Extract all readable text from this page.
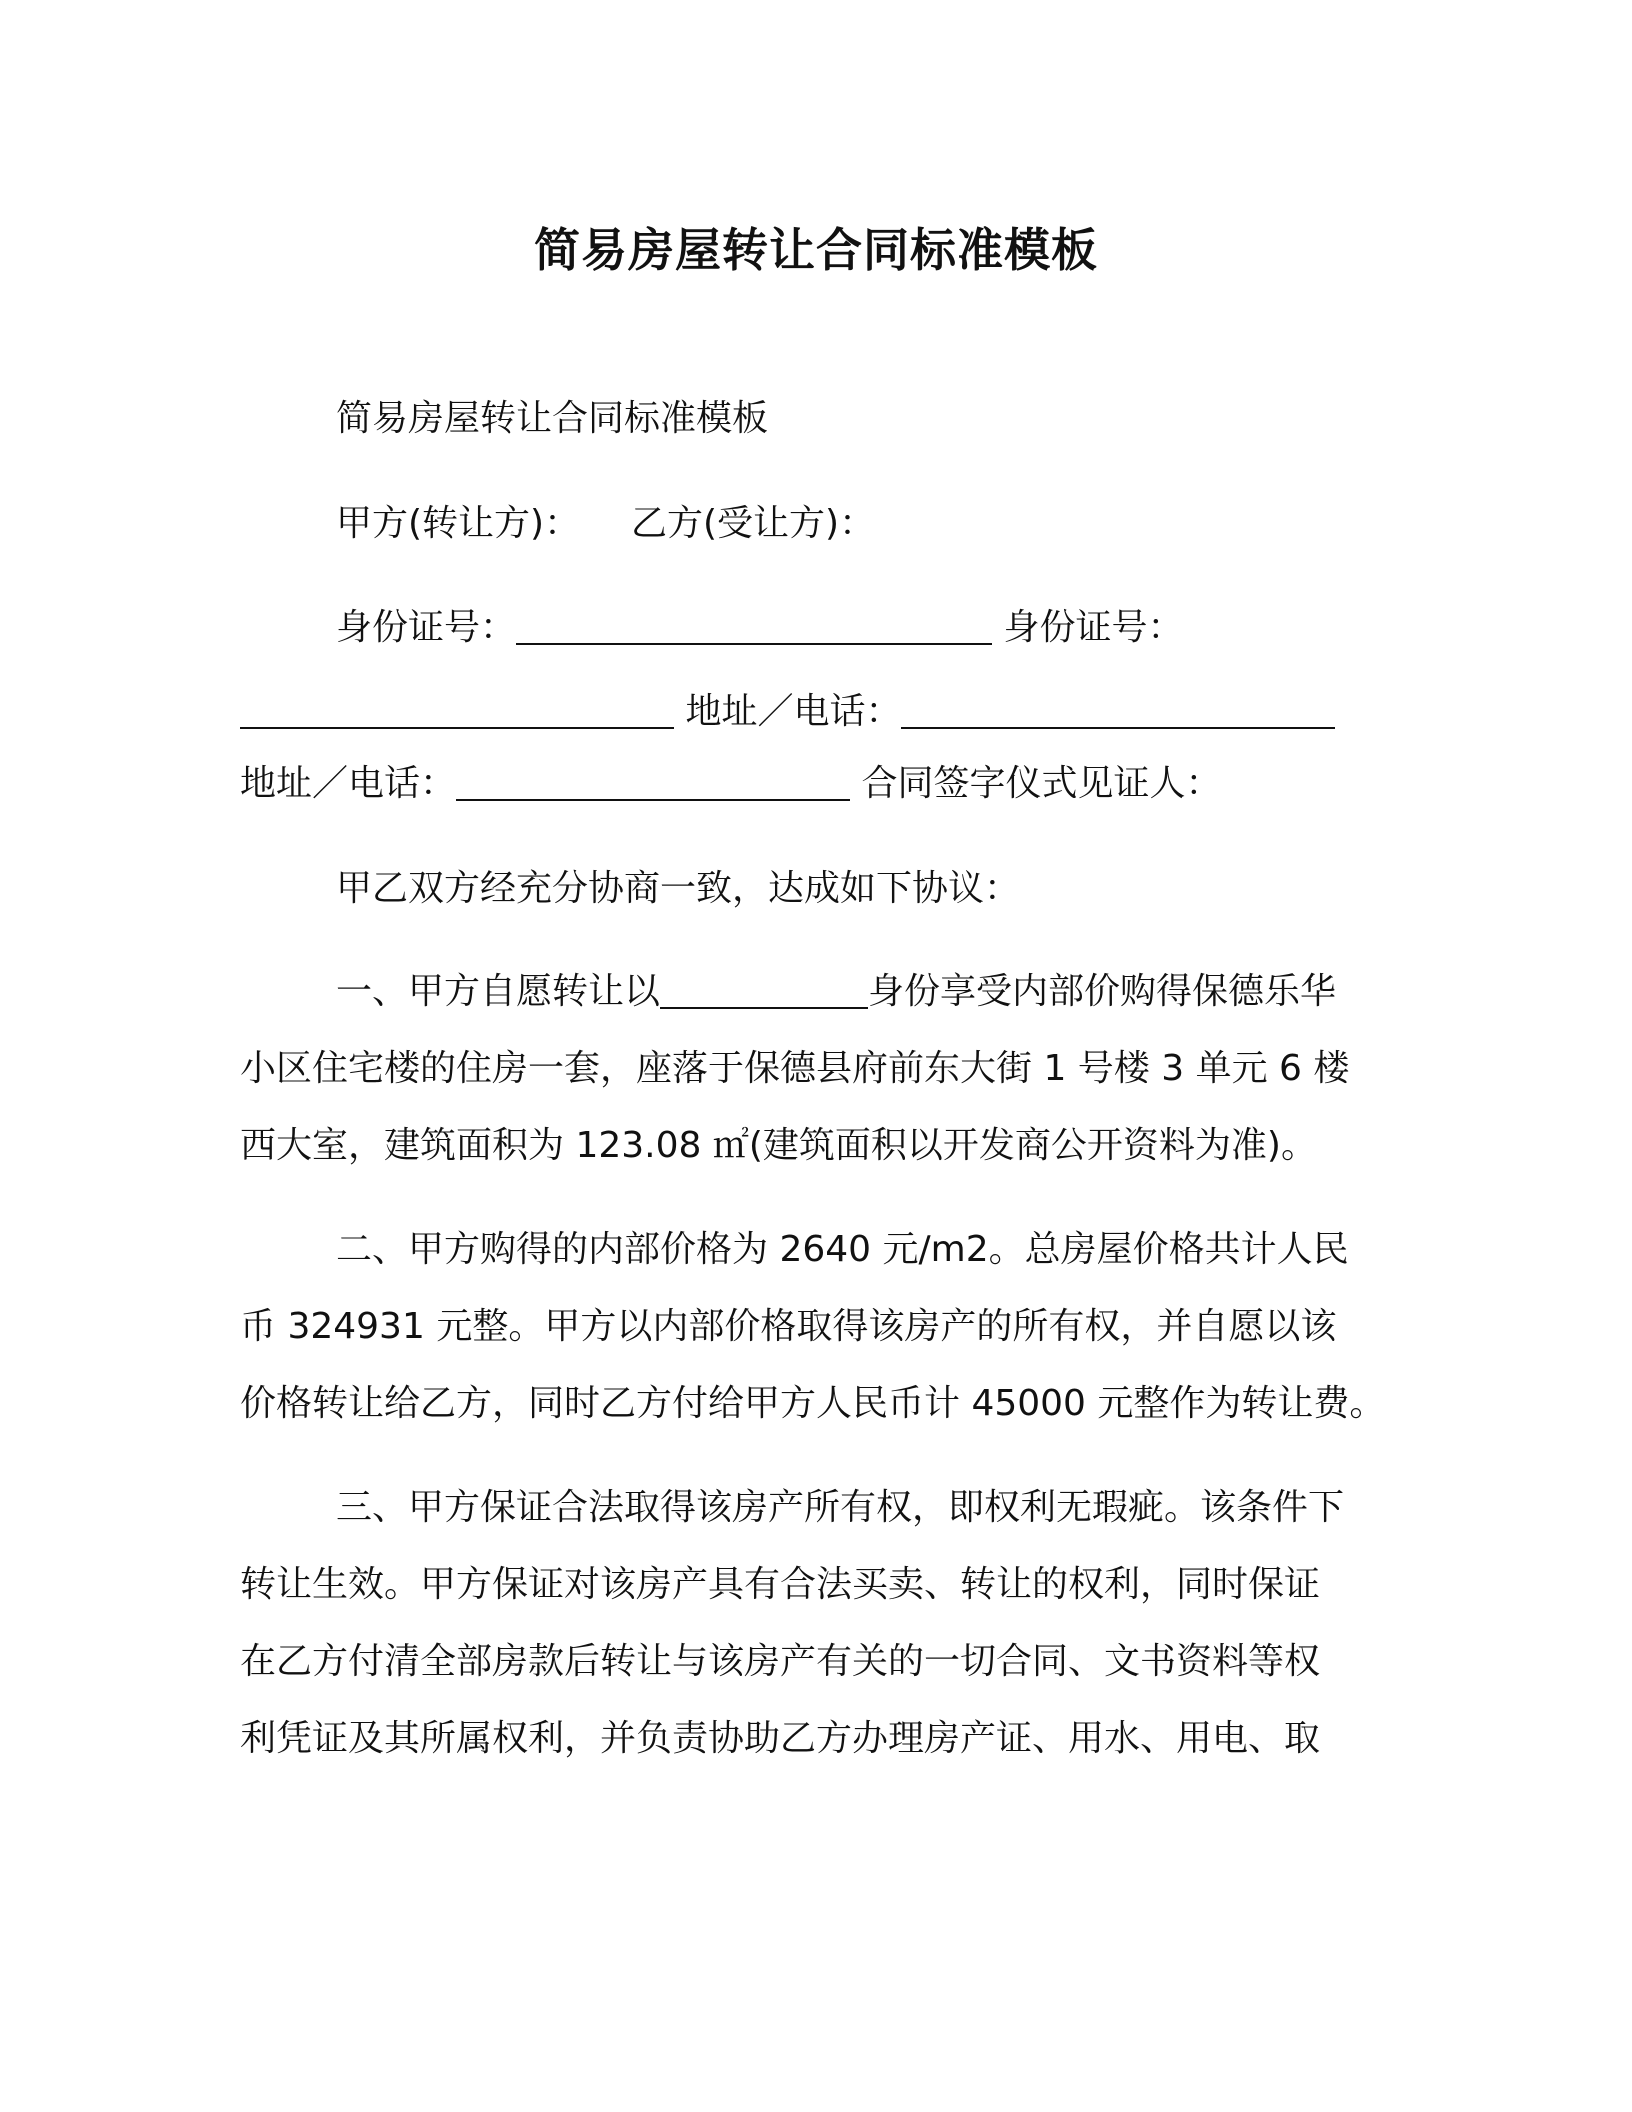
简易房屋转让合同标准模板
简易房屋转让合同标准模板
甲方(转让方)： 乙方(受让方)：
身份证号：	身份证号：
地址／电话：
地址／电话：	合同签字仪式见证人：
甲乙双方经充分协商一致，达成如下协议：
一、甲方自愿转让以	身份享受内部价购得保德乐华
小区住宅楼的住房一套，座落于保德县府前东大街 1 号楼 3 单元 6 楼
西大室，建筑面积为 123.08 ㎡(建筑面积以开发商公开资料为准)。
二、甲方购得的内部价格为 2640 元/m2。总房屋价格共计人民
币 324931 元整。甲方以内部价格取得该房产的所有权，并自愿以该
价格转让给乙方，同时乙方付给甲方人民币计 45000 元整作为转让费。
三、甲方保证合法取得该房产所有权，即权利无瑕疵。该条件下
转让生效。甲方保证对该房产具有合法买卖、转让的权利，同时保证
在乙方付清全部房款后转让与该房产有关的一切合同、文书资料等权
利凭证及其所属权利，并负责协助乙方办理房产证、用水、用电、取
